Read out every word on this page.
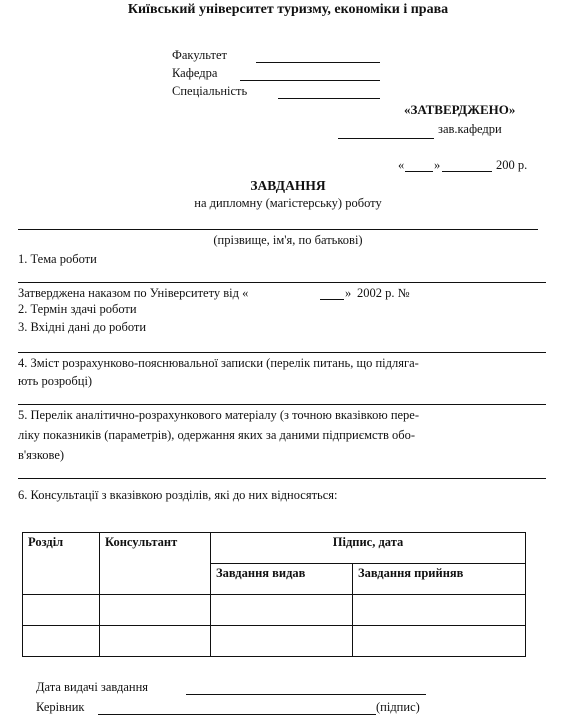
Київський університет туризму, економіки і права
Факультет
Кафедра
Спеціальність
«ЗАТВЕРДЖЕНО»
зав.кафедри
« »	200 р.
ЗАВДАННЯ
на дипломну (магістерську) роботу
(прізвище, ім'я, по батькові)
1. Тема роботи
Затверджена наказом по Університету від «	» 2002 р. №
2. Термін здачі роботи
3. Вхідні дані до роботи
4. Зміст розрахунково-пояснювальної записки (перелік питань, що підляга-
ють розробці)
5. Перелік аналітично-розрахункового матеріалу (з точною вказівкою пере-
ліку показників (параметрів), одержання яких за даними підприємств обо-
в'язкове)
6. Консультації з вказівкою розділів, які до них відносяться:
Розділ	Консультант	Підпис, дата	
		Завдання видав	Завдання прийняв

Дата видачі завдання
Керівник	(підпис)
